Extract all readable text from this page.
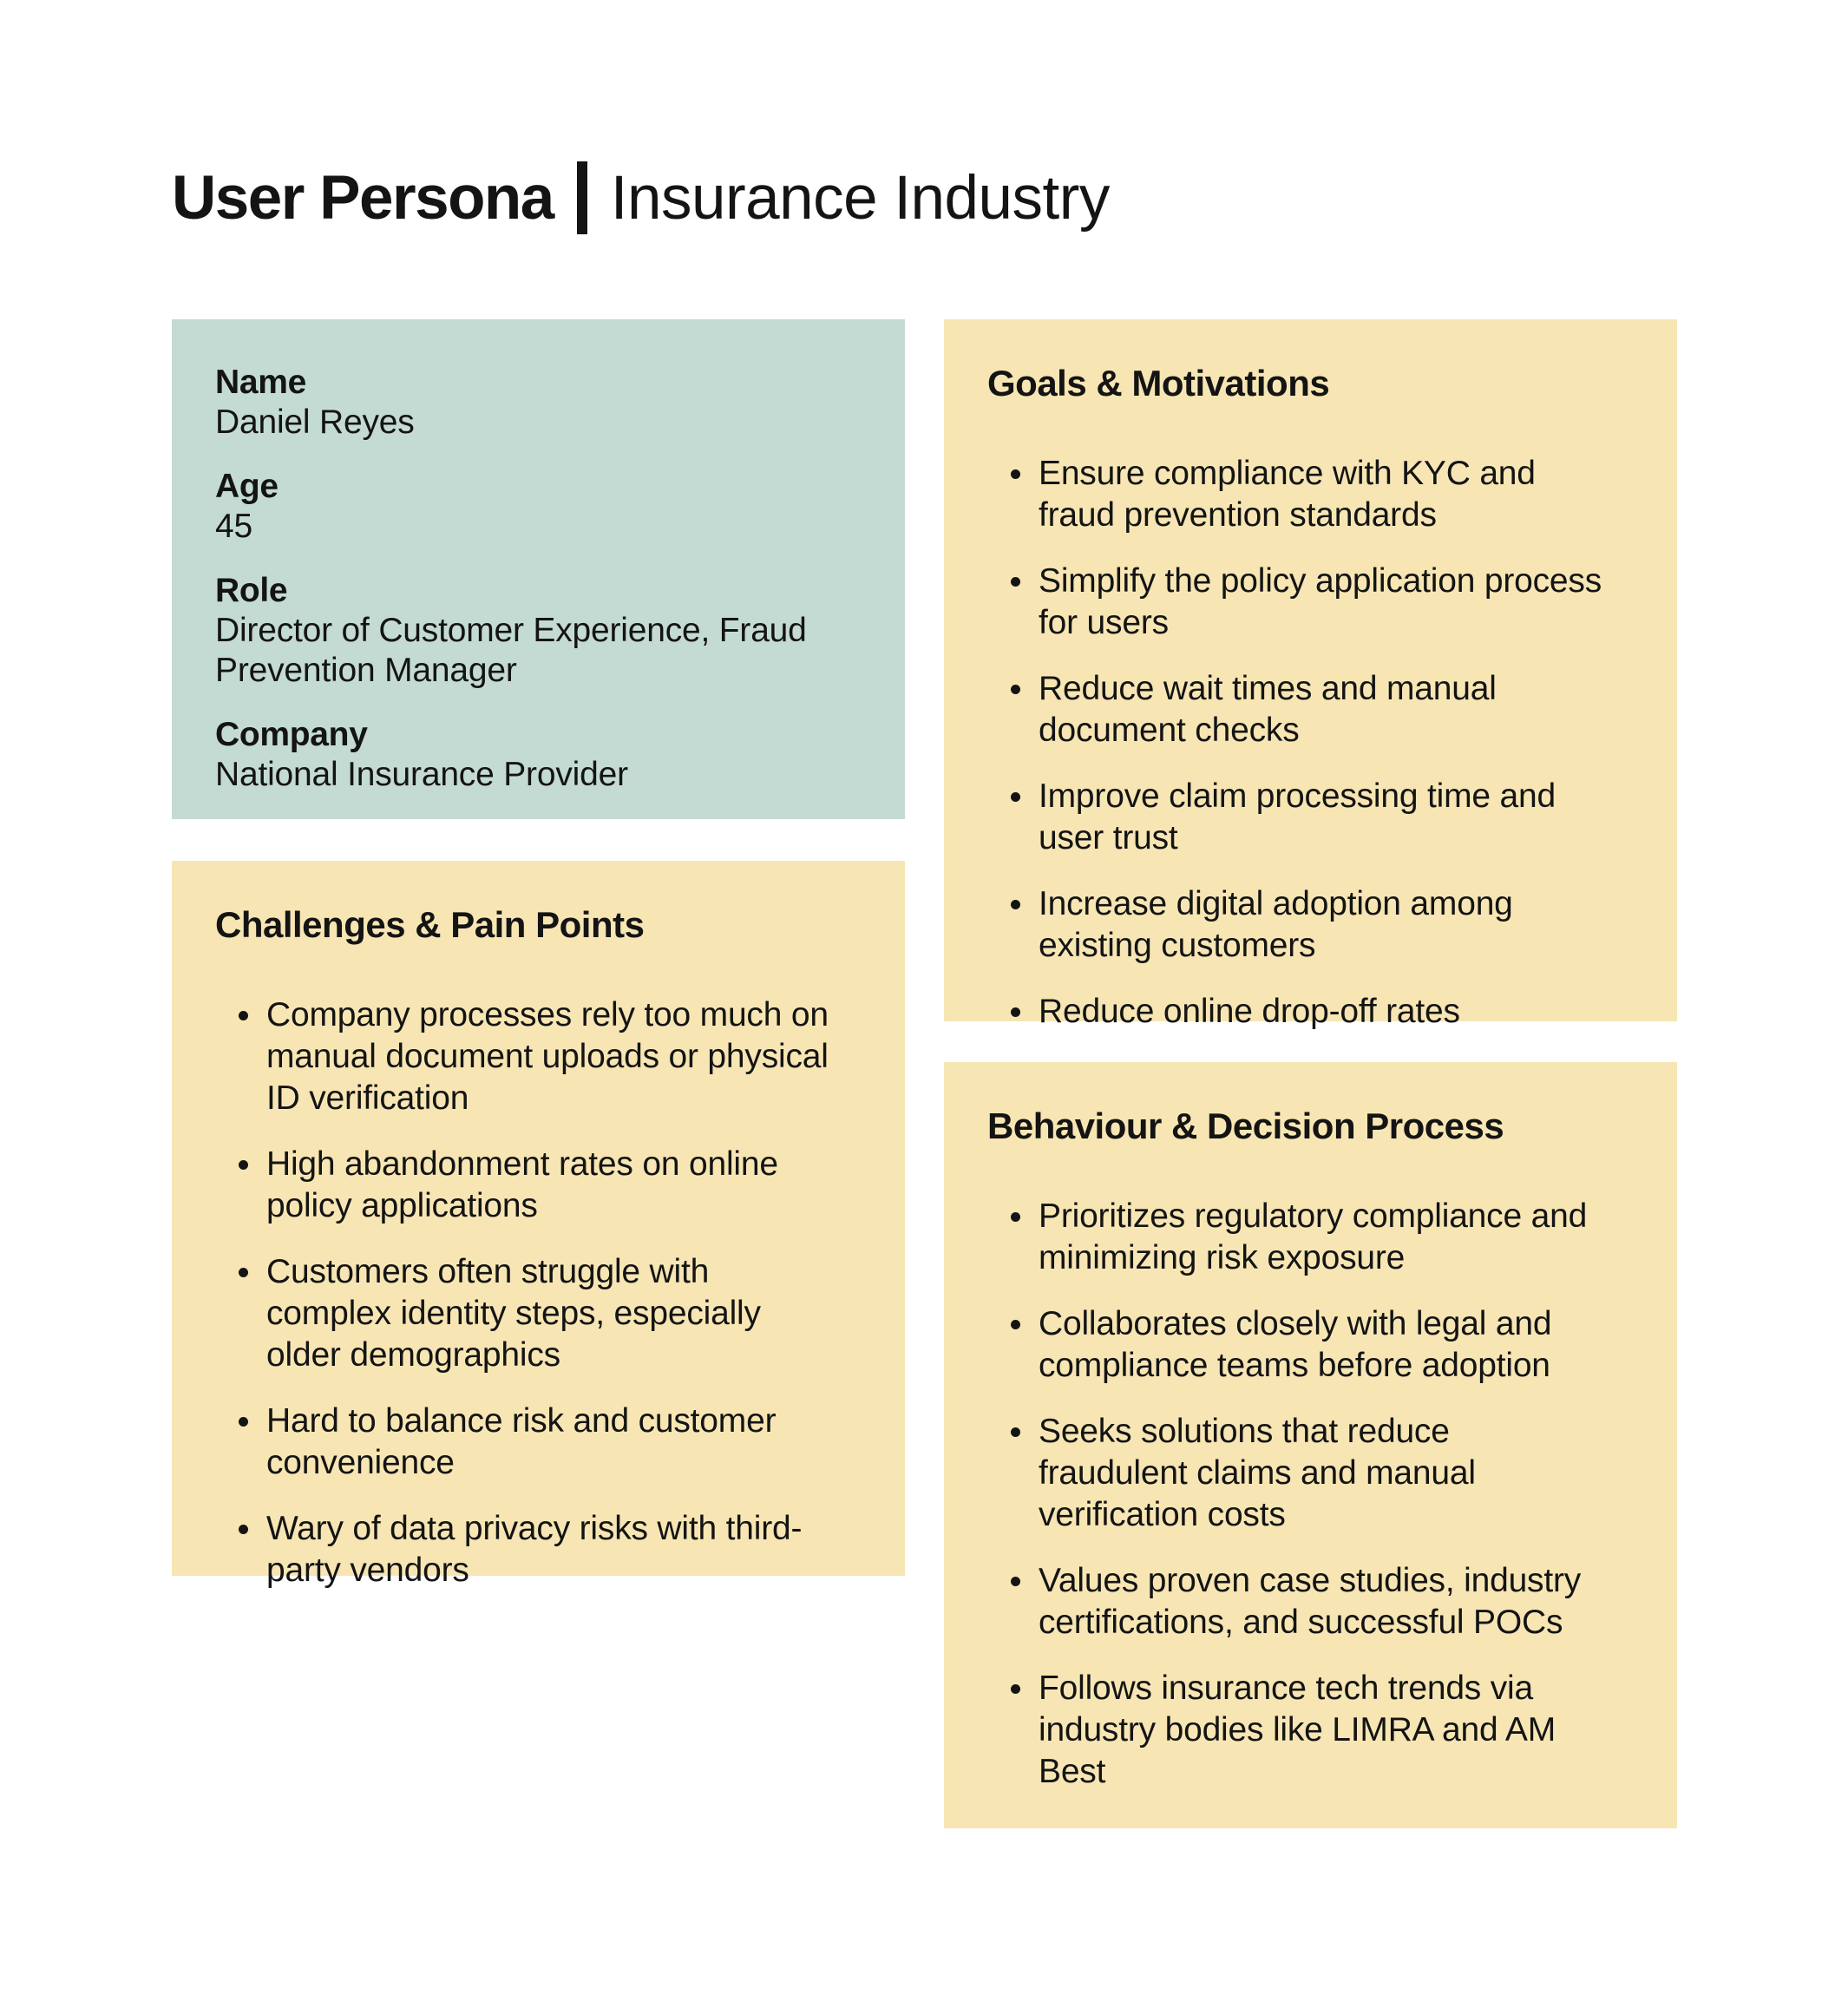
User Persona Insurance Industry
Name
Daniel Reyes
Age
45
Role
Director of Customer Experience, Fraud Prevention Manager
Company
National Insurance Provider
Challenges & Pain Points
Company processes rely too much on manual document uploads or physical ID verification
High abandonment rates on online policy applications
Customers often struggle with complex identity steps, especially older demographics
Hard to balance risk and customer convenience
Wary of data privacy risks with third-party vendors
Goals & Motivations
Ensure compliance with KYC and fraud prevention standards
Simplify the policy application process for users
Reduce wait times and manual document checks
Improve claim processing time and user trust
Increase digital adoption among existing customers
Reduce online drop-off rates
Behaviour & Decision Process
Prioritizes regulatory compliance and minimizing risk exposure
Collaborates closely with legal and compliance teams before adoption
Seeks solutions that reduce fraudulent claims and manual verification costs
Values proven case studies, industry certifications, and successful POCs
Follows insurance tech trends via industry bodies like LIMRA and AM Best
